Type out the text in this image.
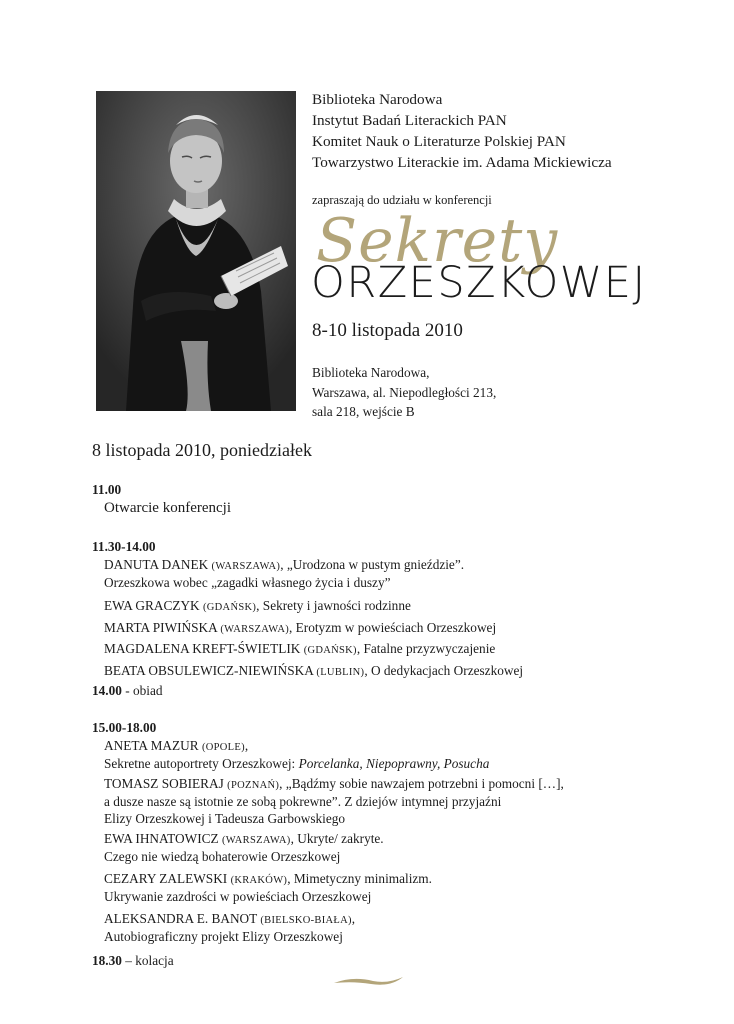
Biblioteka Narodowa
Instytut Badań Literackich PAN
Komitet Nauk o Literaturze Polskiej PAN
Towarzystwo Literackie im. Adama Mickiewicza
zapraszają do udziału w konferencji
Sekrety
ORZESZKOWEJ
8-10 listopada 2010
Biblioteka Narodowa,
Warszawa, al. Niepodległości 213,
sala 218, wejście B
8 listopada 2010, poniedziałek
11.00
Otwarcie konferencji
11.30-14.00
DANUTA DANEK (WARSZAWA), „Urodzona w pustym gnieździe”.
Orzeszkowa wobec „zagadki własnego życia i duszy”
EWA GRACZYK (GDAŃSK), Sekrety i jawności rodzinne
MARTA PIWIŃSKA (WARSZAWA), Erotyzm w powieściach Orzeszkowej
MAGDALENA KREFT-ŚWIETLIK (GDAŃSK), Fatalne przyzwyczajenie
BEATA OBSULEWICZ-NIEWIŃSKA (LUBLIN), O dedykacjach Orzeszkowej
14.00 - obiad
15.00-18.00
ANETA MAZUR (OPOLE),
Sekretne autoportrety Orzeszkowej: Porcelanka, Niepoprawny, Posucha
TOMASZ SOBIERAJ (POZNAŃ), „Bądźmy sobie nawzajem potrzebni i pomocni […],
a dusze nasze są istotnie ze sobą pokrewne”. Z dziejów intymnej przyjaźni
Elizy Orzeszkowej i Tadeusza Garbowskiego
EWA IHNATOWICZ (WARSZAWA), Ukryte/ zakryte.
Czego nie wiedzą bohaterowie Orzeszkowej
CEZARY ZALEWSKI (KRAKÓW), Mimetyczny minimalizm.
Ukrywanie zazdrości w powieściach Orzeszkowej
ALEKSANDRA E. BANOT (BIELSKO-BIAŁA),
Autobiograficzny projekt Elizy Orzeszkowej
18.30 – kolacja
